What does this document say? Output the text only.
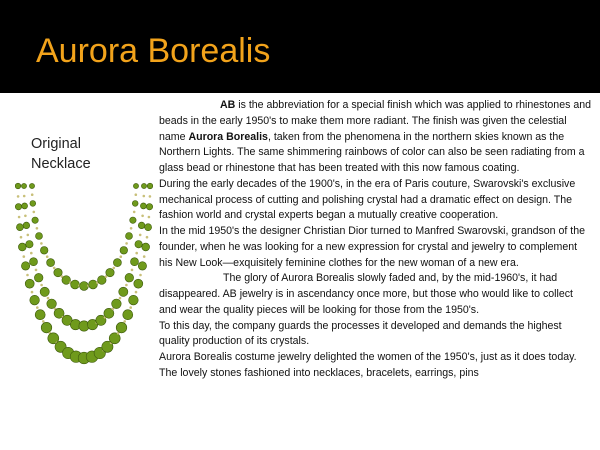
Aurora Borealis
Original Necklace

AB is the abbreviation for a special finish which was applied to rhinestones and beads in the early 1950's to make them more radiant. The finish was given the celestial name Aurora Borealis, taken from the phenomena in the northern skies known as the Northern Lights. The same shimmering rainbows of color can also be seen radiating from a glass bead or rhinestone that has been treated with this now famous coating.

During the early decades of the 1900's, in the era of Paris couture, Swarovski's exclusive mechanical process of cutting and polishing crystal had a dramatic effect on design. The fashion world and crystal experts began a mutually creative cooperation.

In the mid 1950's the designer Christian Dior turned to Manfred Swarovski, grandson of the founder, when he was looking for a new expression for crystal and jewelry to complement his New Look—exquisitely feminine clothes for the new woman of a new era.

The glory of Aurora Borealis slowly faded and, by the mid-1960's, it had disappeared. AB jewelry is in ascendancy once more, but those who would like to collect and wear the quality pieces will be looking for those from the 1950's.

To this day, the company guards the processes it developed and demands the highest quality production of its crystals.

Aurora Borealis costume jewelry delighted the women of the 1950's, just as it does today. The lovely stones fashioned into necklaces, bracelets, earrings, pins
